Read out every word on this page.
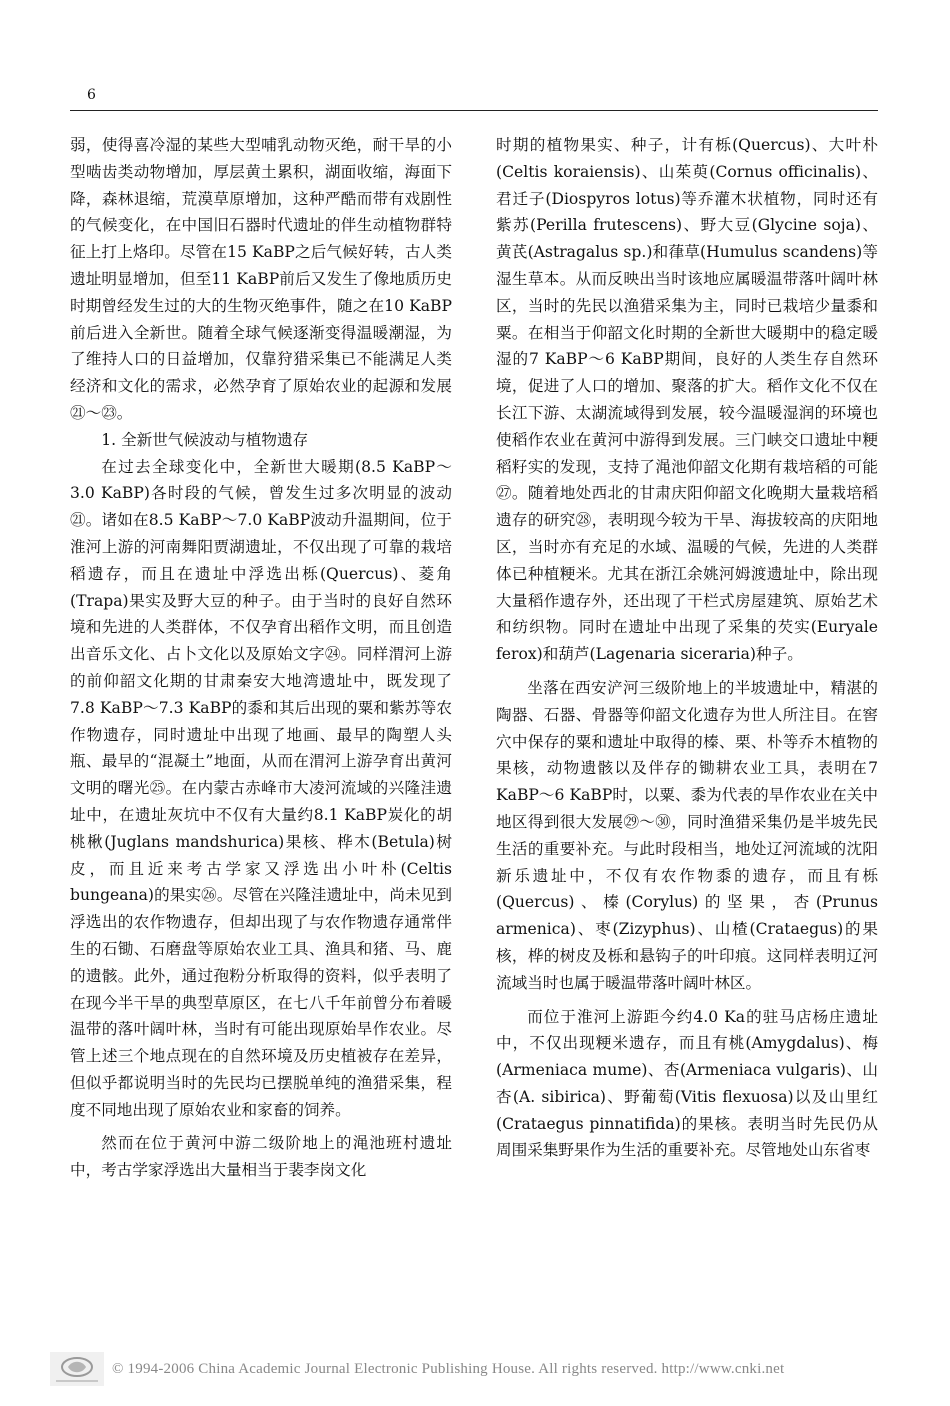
6

弱，使得喜冷湿的某些大型哺乳动物灭绝，耐干旱的小型啮齿类动物增加，厚层黄土累积，湖面收缩，海面下降，森林退缩，荒漠草原增加，这种严酷而带有戏剧性的气候变化，在中国旧石器时代遗址的伴生动植物群特征上打上烙印。尽管在15 KaBP之后气候好转，古人类遗址明显增加，但至11 KaBP前后又发生了像地质历史时期曾经发生过的大的生物灭绝事件，随之在10 KaBP前后进入全新世。随着全球气候逐渐变得温暖潮湿，为了维持人口的日益增加，仅靠狩猎采集已不能满足人类经济和文化的需求，必然孕育了原始农业的起源和发展㉑～㉓。

1. 全新世气候波动与植物遗存

在过去全球变化中，全新世大暖期(8.5 KaBP～3.0 KaBP)各时段的气候，曾发生过多次明显的波动㉑。诸如在8.5 KaBP～7.0 KaBP波动升温期间，位于淮河上游的河南舞阳贾湖遗址，不仅出现了可靠的栽培稻遗存，而且在遗址中浮选出栎(Quercus)、菱角(Trapa)果实及野大豆的种子。由于当时的良好自然环境和先进的人类群体，不仅孕育出稻作文明，而且创造出音乐文化、占卜文化以及原始文字㉔。同样渭河上游的前仰韶文化期的甘肃秦安大地湾遗址中，既发现了7.8 KaBP～7.3 KaBP的黍和其后出现的粟和紫苏等农作物遗存，同时遗址中出现了地画、最早的陶塑人头瓶、最早的“混凝土”地面，从而在渭河上游孕育出黄河文明的曙光㉕。在内蒙古赤峰市大凌河流域的兴隆洼遗址中，在遗址灰坑中不仅有大量约8.1 KaBP炭化的胡桃楸(Juglans mandshurica)果核、桦木(Betula)树皮，而且近来考古学家又浮选出小叶朴(Celtis bungeana)的果实㉖。尽管在兴隆洼遗址中，尚未见到浮选出的农作物遗存，但却出现了与农作物遗存通常伴生的石锄、石磨盘等原始农业工具、渔具和猪、马、鹿的遗骸。此外，通过孢粉分析取得的资料，似乎表明了在现今半干旱的典型草原区，在七八千年前曾分布着暖温带的落叶阔叶林，当时有可能出现原始旱作农业。尽管上述三个地点现在的自然环境及历史植被存在差异，但似乎都说明当时的先民均已摆脱单纯的渔猎采集，程度不同地出现了原始农业和家畜的饲养。

然而在位于黄河中游二级阶地上的渑池班村遗址中，考古学家浮选出大量相当于裴李岗文化

时期的植物果实、种子，计有栎(Quercus)、大叶朴(Celtis koraiensis)、山茱萸(Cornus officinalis)、君迁子(Diospyros lotus)等乔灌木状植物，同时还有紫苏(Perilla frutescens)、野大豆(Glycine soja)、黄芪(Astragalus sp.)和葎草(Humulus scandens)等湿生草本。从而反映出当时该地应属暖温带落叶阔叶林区，当时的先民以渔猎采集为主，同时已栽培少量黍和粟。在相当于仰韶文化时期的全新世大暖期中的稳定暖湿的7 KaBP～6 KaBP期间，良好的人类生存自然环境，促进了人口的增加、聚落的扩大。稻作文化不仅在长江下游、太湖流域得到发展，较今温暖湿润的环境也使稻作农业在黄河中游得到发展。三门峡交口遗址中粳稻籽实的发现，支持了渑池仰韶文化期有栽培稻的可能㉗。随着地处西北的甘肃庆阳仰韶文化晚期大量栽培稻遗存的研究㉘，表明现今较为干旱、海拔较高的庆阳地区，当时亦有充足的水域、温暖的气候，先进的人类群体已种植粳米。尤其在浙江余姚河姆渡遗址中，除出现大量稻作遗存外，还出现了干栏式房屋建筑、原始艺术和纺织物。同时在遗址中出现了采集的芡实(Euryale ferox)和葫芦(Lagenaria siceraria)种子。

坐落在西安浐河三级阶地上的半坡遗址中，精湛的陶器、石器、骨器等仰韶文化遗存为世人所注目。在窖穴中保存的粟和遗址中取得的榛、栗、朴等乔木植物的果核，动物遗骸以及伴存的锄耕农业工具，表明在7 KaBP～6 KaBP时，以粟、黍为代表的旱作农业在关中地区得到很大发展㉙～㉚，同时渔猎采集仍是半坡先民生活的重要补充。与此时段相当，地处辽河流域的沈阳新乐遗址中，不仅有农作物黍的遗存，而且有栎(Quercus)、榛(Corylus)的坚果，杏(Prunus armenica)、枣(Zizyphus)、山楂(Crataegus)的果核，桦的树皮及栎和悬钩子的叶印痕。这同样表明辽河流域当时也属于暖温带落叶阔叶林区。

而位于淮河上游距今约4.0 Ka的驻马店杨庄遗址中，不仅出现粳米遗存，而且有桃(Amygdalus)、梅(Armeniaca mume)、杏(Armeniaca vulgaris)、山杏(A. sibirica)、野葡萄(Vitis flexuosa)以及山里红(Crataegus pinnatifida)的果核。表明当时先民仍从周围采集野果作为生活的重要补充。尽管地处山东省枣

© 1994-2006 China Academic Journal Electronic Publishing House. All rights reserved. http://www.cnki.net
